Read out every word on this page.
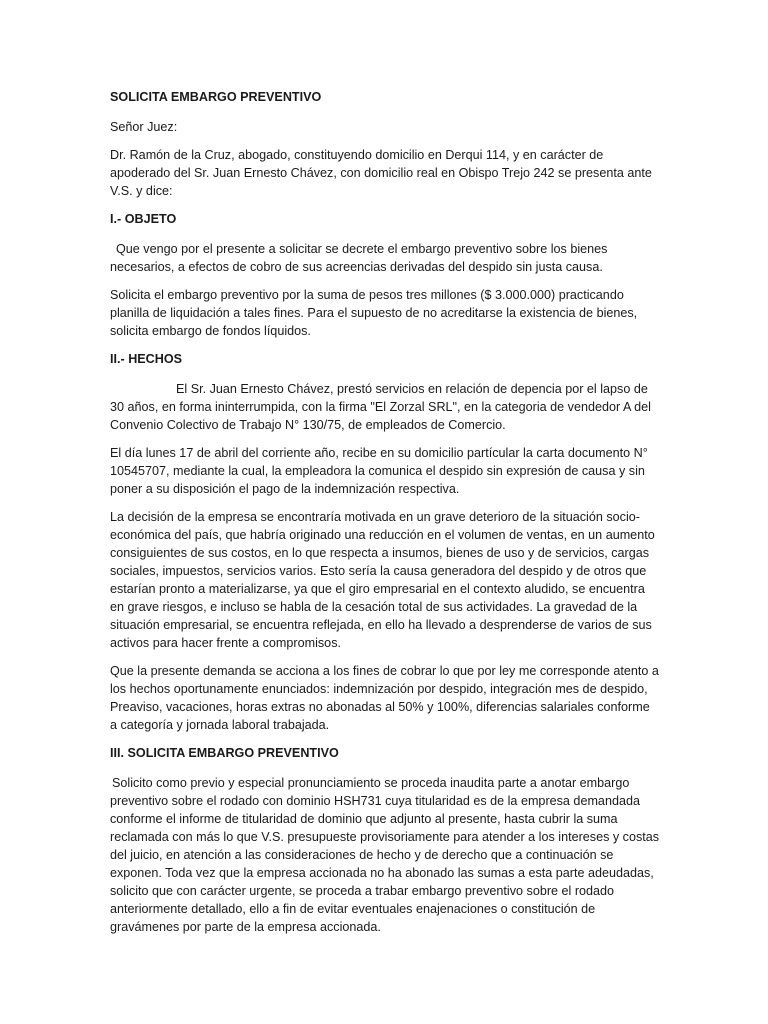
SOLICITA EMBARGO PREVENTIVO

Señor Juez:

Dr. Ramón de la Cruz, abogado, constituyendo domicilio en Derqui 114, y en carácter de apoderado del Sr. Juan Ernesto Chávez, con domicilio real en Obispo Trejo 242 se presenta ante V.S. y dice:

I.- OBJETO

Que vengo por el presente a solicitar se decrete el embargo preventivo sobre los bienes necesarios, a efectos de cobro de sus acreencias derivadas del despido sin justa causa.

Solicita el embargo preventivo por la suma de pesos tres millones ($ 3.000.000) practicando planilla de liquidación a tales fines. Para el supuesto de no acreditarse la existencia de bienes, solicita embargo de fondos líquidos.

II.- HECHOS

El Sr. Juan Ernesto Chávez, prestó servicios en relación de depencia por el lapso de 30 años, en forma ininterrumpida, con la firma "El Zorzal SRL", en la categoria de vendedor A del Convenio Colectivo de Trabajo N° 130/75, de empleados de Comercio.

El día lunes 17 de abril del corriente año, recibe en su domicilio partícular la carta documento N° 10545707, mediante la cual, la empleadora la comunica el despido sin expresión de causa y sin poner a su disposición el pago de la indemnización respectiva.

La decisión de la empresa se encontraría motivada en un grave deterioro de la situación socio-económica del país, que habría originado una reducción en el volumen de ventas, en un aumento consiguientes de sus costos, en lo que respecta a insumos, bienes de uso y de servicios, cargas sociales, impuestos, servicios varios. Esto sería la causa generadora del despido y de otros que estarían pronto a materializarse, ya que el giro empresarial en el contexto aludido, se encuentra en grave riesgos, e incluso se habla de la cesación total de sus actividades. La gravedad de la situación empresarial, se encuentra reflejada, en ello ha llevado a desprenderse de varios de sus activos para hacer frente a compromisos.

Que la presente demanda se acciona a los fines de cobrar lo que por ley me corresponde atento a los hechos oportunamente enunciados: indemnización por despido, integración mes de despido, Preaviso, vacaciones, horas extras no abonadas al 50% y 100%, diferencias salariales conforme a categoría y jornada laboral trabajada.

III. SOLICITA EMBARGO PREVENTIVO

Solicito como previo y especial pronunciamiento se proceda inaudita parte a anotar embargo preventivo sobre el rodado con dominio HSH731 cuya titularidad es de la empresa demandada conforme el informe de titularidad de dominio que adjunto al presente, hasta cubrir la suma reclamada con más lo que V.S. presupueste provisoriamente para atender a los intereses y costas del juicio, en atención a las consideraciones de hecho y de derecho que a continuación se exponen. Toda vez que la empresa accionada no ha abonado las sumas a esta parte adeudadas, solicito que con carácter urgente, se proceda a trabar embargo preventivo sobre el rodado anteriormente detallado, ello a fin de evitar eventuales enajenaciones o constitución de gravámenes por parte de la empresa accionada.
